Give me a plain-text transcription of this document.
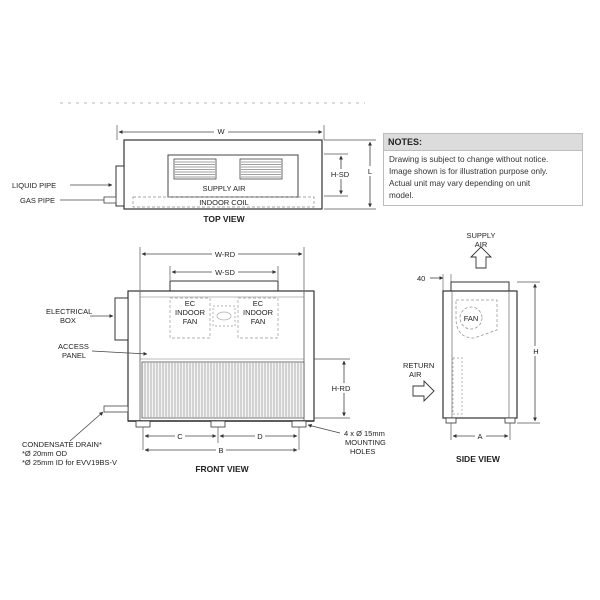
W
SUPPLY AIR
INDOOR COIL
LIQUID PIPE
GAS PIPE
H-SD L
TOP VIEW
W-RD
W-SD
EC
INDOOR
FAN
EC
INDOOR
FAN
ELECTRICAL
BOX
ACCESS
PANEL
H-RD
C	D
B
CONDENSATE DRAIN*
*Ø 20mm OD
*Ø 25mm ID for EVV19BS-V
4 x Ø 15mm
MOUNTING
HOLES
FRONT VIEW
SUPPLY
AIR
40
FAN
RETURN
AIR
H
A
SIDE VIEW
NOTES:
Drawing is subject to change without notice.
Image shown is for illustration purpose only.
Actual unit may vary depending on unit
model.
